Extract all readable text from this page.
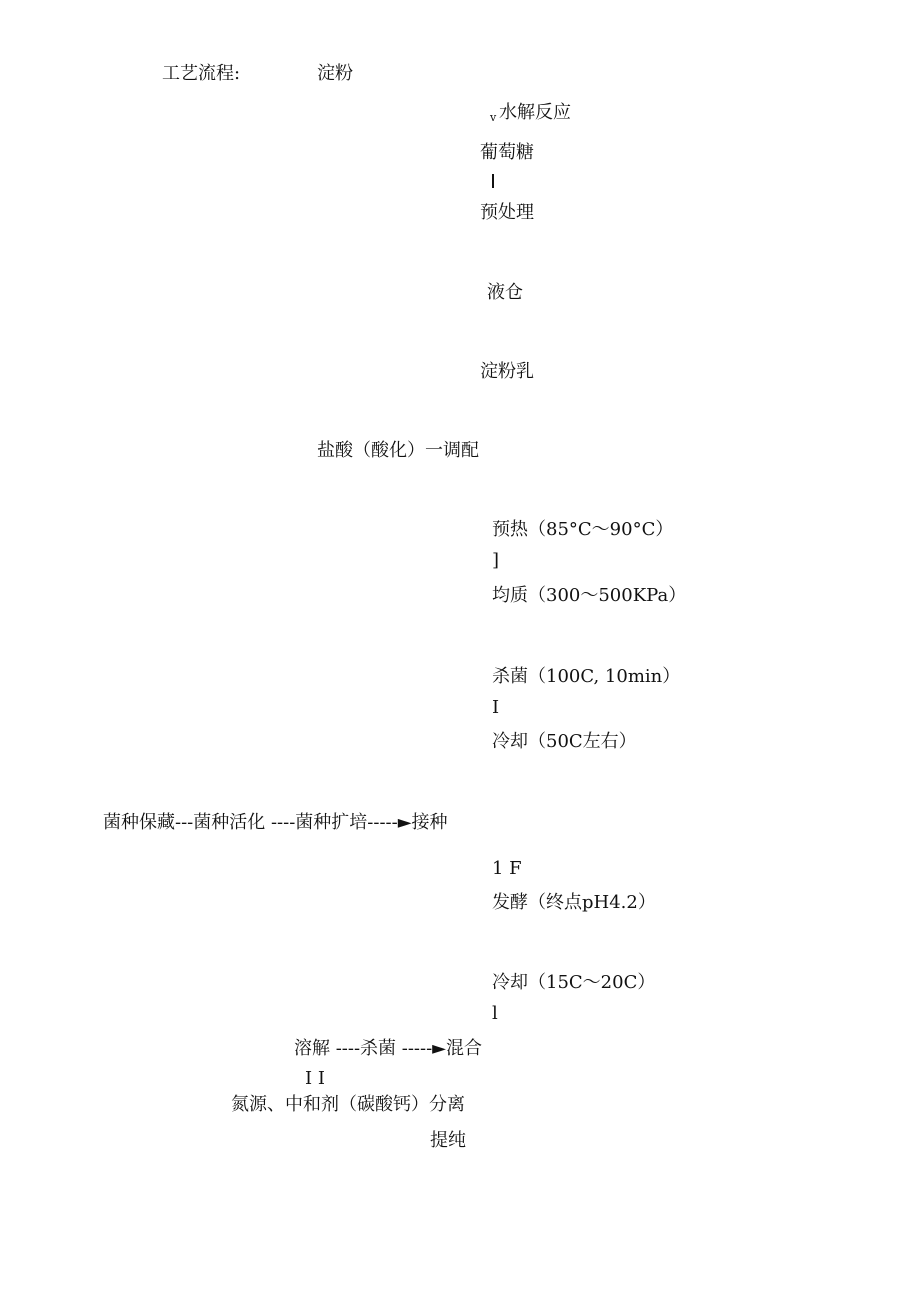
工艺流程:	淀粉
v 水解反应
葡萄糖
预处理
液仓
淀粉乳
盐酸（酸化）一调配
预热（85°C～90°C）
]
均质（300～500KPa）
杀菌（100C, 10min）
I
冷却（50C左右）
菌种保藏---菌种活化 ----菌种扩培-----►接种
1 F
发酵（终点pH4.2）
冷却（15C～20C）
l
溶解 ----杀菌 -----►混合
I I
氮源、中和剂（碳酸钙）分离
提纯
